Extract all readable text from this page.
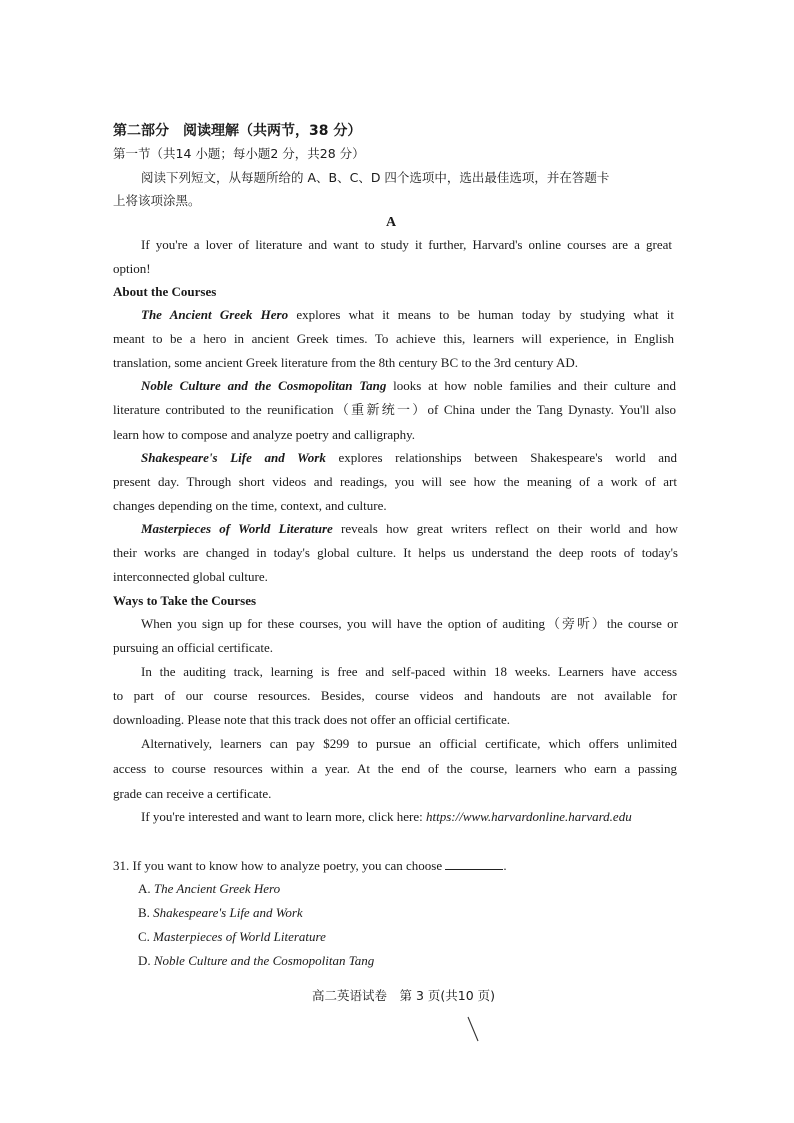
第二部分　阅读理解（共两节，38 分）
第一节（共14 小题；每小题2 分，共28 分）
阅读下列短文，从每题所给的 A、B、C、D 四个选项中，选出最佳选项，并在答题卡
上将该项涂黑。
A
If you're a lover of literature and want to study it further, Harvard's online courses are a great
option!
About the Courses
The Ancient Greek Hero explores what it means to be human today by studying what it
meant to be a hero in ancient Greek times. To achieve this, learners will experience, in English
translation, some ancient Greek literature from the 8th century BC to the 3rd century AD.
Noble Culture and the Cosmopolitan Tang looks at how noble families and their culture and
literature contributed to the reunification（重新统一）of China under the Tang Dynasty. You'll also
learn how to compose and analyze poetry and calligraphy.
Shakespeare's Life and Work explores relationships between Shakespeare's world and
present day. Through short videos and readings, you will see how the meaning of a work of art
changes depending on the time, context, and culture.
Masterpieces of World Literature reveals how great writers reflect on their world and how
their works are changed in today's global culture. It helps us understand the deep roots of today's
interconnected global culture.
Ways to Take the Courses
When you sign up for these courses, you will have the option of auditing（旁听）the course or
pursuing an official certificate.
In the auditing track, learning is free and self-paced within 18 weeks. Learners have access
to part of our course resources. Besides, course videos and handouts are not available for
downloading. Please note that this track does not offer an official certificate.
Alternatively, learners can pay $299 to pursue an official certificate, which offers unlimited
access to course resources within a year. At the end of the course, learners who earn a passing
grade can receive a certificate.
If you're interested and want to learn more, click here: https://www.harvardonline.harvard.edu
31. If you want to know how to analyze poetry, you can choose	.
A. The Ancient Greek Hero
B. Shakespeare's Life and Work
C. Masterpieces of World Literature
D. Noble Culture and the Cosmopolitan Tang
高二英语试卷　第 3 页(共10 页)
